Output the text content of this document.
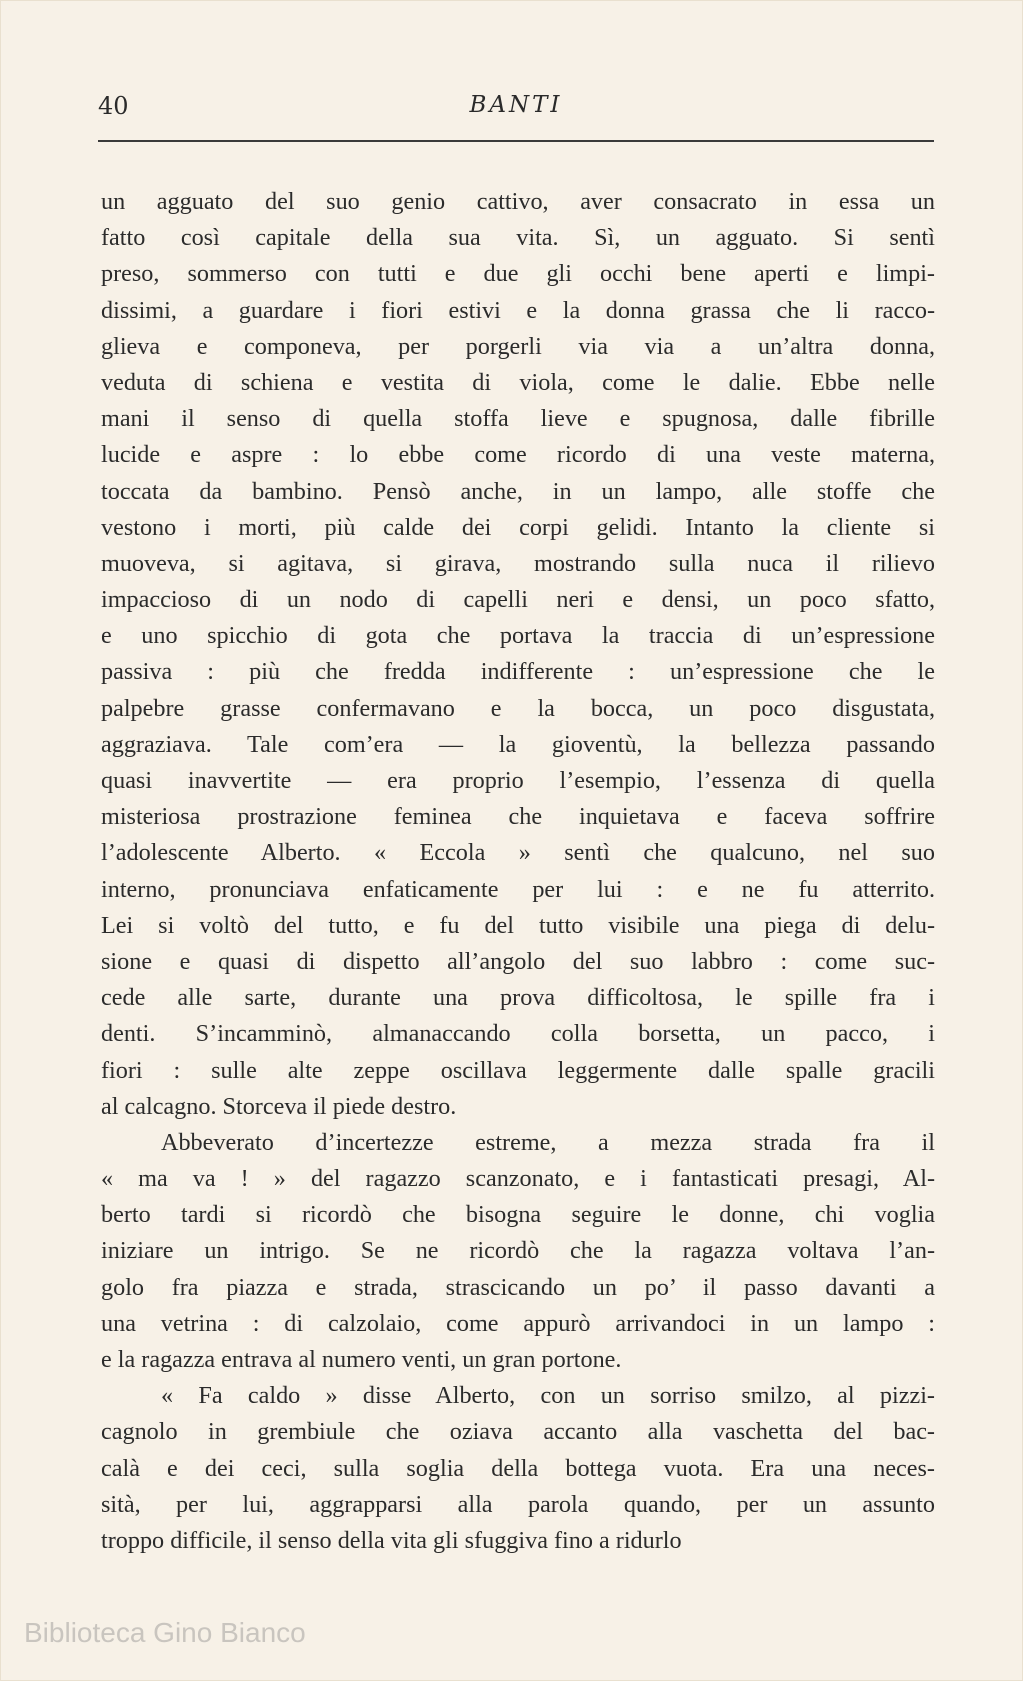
40	BANTI
un agguato del suo genio cattivo, aver consacrato in essa un
fatto così capitale della sua vita. Sì, un agguato. Si sentì
preso, sommerso con tutti e due gli occhi bene aperti e limpi-
dissimi, a guardare i fiori estivi e la donna grassa che li racco-
glieva e componeva, per porgerli via via a un’altra donna,
veduta di schiena e vestita di viola, come le dalie. Ebbe nelle
mani il senso di quella stoffa lieve e spugnosa, dalle fibrille
lucide e aspre : lo ebbe come ricordo di una veste materna,
toccata da bambino. Pensò anche, in un lampo, alle stoffe che
vestono i morti, più calde dei corpi gelidi. Intanto la cliente si
muoveva, si agitava, si girava, mostrando sulla nuca il rilievo
impaccioso di un nodo di capelli neri e densi, un poco sfatto,
e uno spicchio di gota che portava la traccia di un’espressione
passiva : più che fredda indifferente : un’espressione che le
palpebre grasse confermavano e la bocca, un poco disgustata,
aggraziava. Tale com’era — la gioventù, la bellezza passando
quasi inavvertite — era proprio l’esempio, l’essenza di quella
misteriosa prostrazione feminea che inquietava e faceva soffrire
l’adolescente Alberto. « Eccola » sentì che qualcuno, nel suo
interno, pronunciava enfaticamente per lui : e ne fu atterrito.
Lei si voltò del tutto, e fu del tutto visibile una piega di delu-
sione e quasi di dispetto all’angolo del suo labbro : come suc-
cede alle sarte, durante una prova difficoltosa, le spille fra i
denti. S’incamminò, almanaccando colla borsetta, un pacco, i
fiori : sulle alte zeppe oscillava leggermente dalle spalle gracili
al calcagno. Storceva il piede destro.
Abbeverato d’incertezze estreme, a mezza strada fra il
« ma va ! » del ragazzo scanzonato, e i fantasticati presagi, Al-
berto tardi si ricordò che bisogna seguire le donne, chi voglia
iniziare un intrigo. Se ne ricordò che la ragazza voltava l’an-
golo fra piazza e strada, strascicando un po’ il passo davanti a
una vetrina : di calzolaio, come appurò arrivandoci in un lampo :
e la ragazza entrava al numero venti, un gran portone.
« Fa caldo » disse Alberto, con un sorriso smilzo, al pizzi-
cagnolo in grembiule che oziava accanto alla vaschetta del bac-
calà e dei ceci, sulla soglia della bottega vuota. Era una neces-
sità, per lui, aggrapparsi alla parola quando, per un assunto
troppo difficile, il senso della vita gli sfuggiva fino a ridurlo
Biblioteca Gino Bianco
